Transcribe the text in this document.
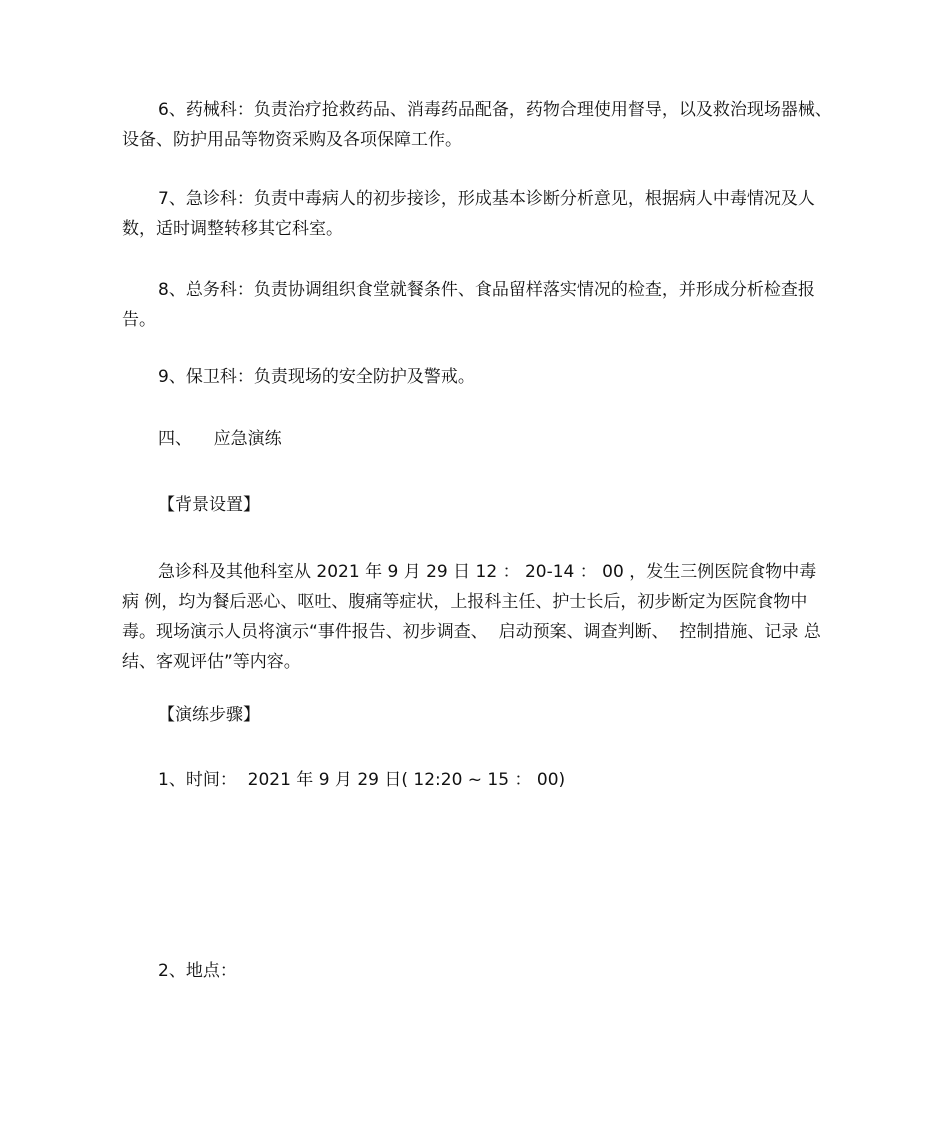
6、药械科：负责治疗抢救药品、消毒药品配备，药物合理使用督导，以及救治现场器械、设备、防护用品等物资采购及各项保障工作。

7、急诊科：负责中毒病人的初步接诊，形成基本诊断分析意见，根据病人中毒情况及人数，适时调整转移其它科室。

8、总务科：负责协调组织食堂就餐条件、食品留样落实情况的检查，并形成分析检查报告。

9、保卫科：负责现场的安全防护及警戒。

四、    应急演练

【背景设置】

急诊科及其他科室从 2021 年 9 月 29 日 12 ： 20-14 ： 00 ，发生三例医院食物中毒病 例，均为餐后恶心、呕吐、腹痛等症状，上报科主任、护士长后，初步断定为医院食物中 毒。现场演示人员将演示“事件报告、初步调查、  启动预案、调查判断、  控制措施、记录 总结、客观评估”等内容。

【演练步骤】

1、时间：  2021 年 9 月 29 日( 12:20 ~ 15 ： 00)

2、地点：
